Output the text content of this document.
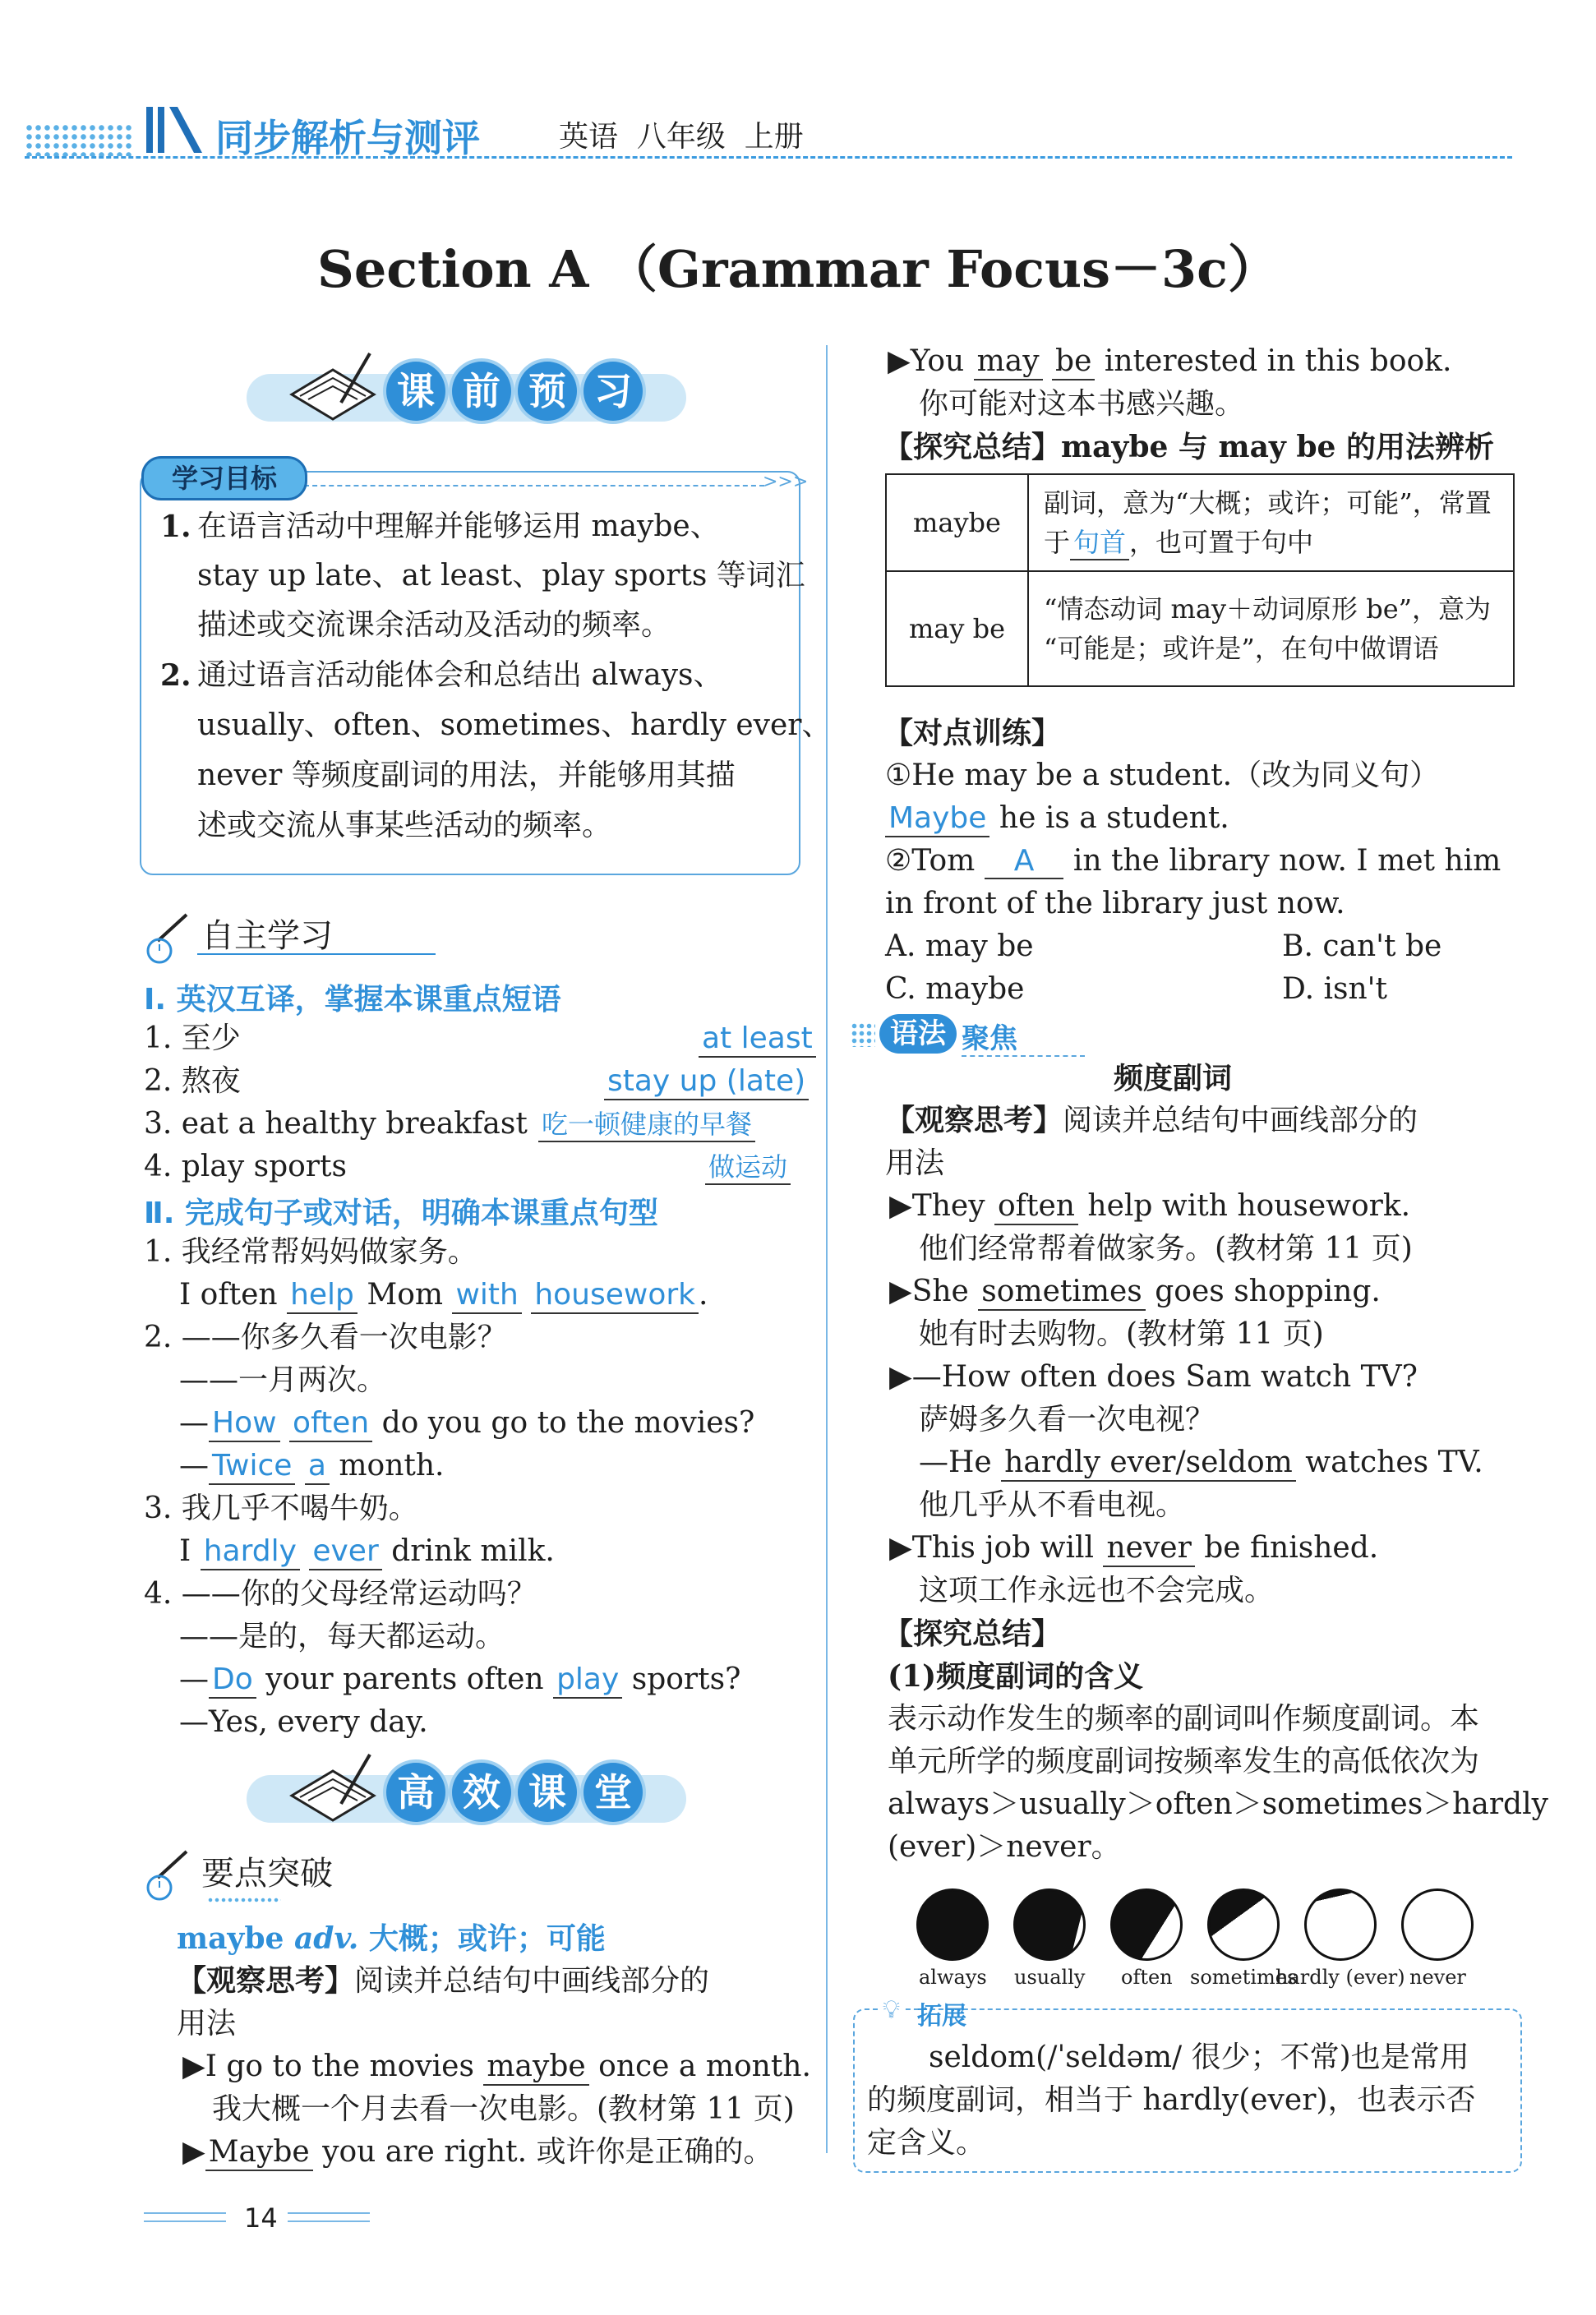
同步解析与测评	英语  八年级  上册
Section A （Grammar Focus－3c）
课 前 预 习
>>>
学习目标
1. 在语言活动中理解并能够运用 maybe、
stay up late、at least、play sports 等词汇
描述或交流课余活动及活动的频率。
2. 通过语言活动能体会和总结出 always、
usually、often、sometimes、hardly ever、
never 等频度副词的用法，并能够用其描
述或交流从事某些活动的频率。
自主学习
Ⅰ. 英汉互译，掌握本课重点短语
1. 至少	at least
2. 熬夜	stay up (late)
3. eat a healthy breakfast 吃一顿健康的早餐
4. play sports	做运动
Ⅱ. 完成句子或对话，明确本课重点句型
1. 我经常帮妈妈做家务。
I often help Mom with housework .
2. ——你多久看一次电影？
——一月两次。
— How often do you go to the movies?
— Twice a month.
3. 我几乎不喝牛奶。
I hardly ever drink milk.
4. ——你的父母经常运动吗？
——是的，每天都运动。
— Do your parents often play sports?
—Yes, every day.
高 效 课 堂
要点突破
maybe adv. 大概；或许；可能
【观察思考】阅读并总结句中画线部分的
用法
▶I go to the movies maybe once a month.
我大概一个月去看一次电影。(教材第 11 页)
▶ Maybe you are right. 或许你是正确的。
▶You may be interested in this book.
你可能对这本书感兴趣。
【探究总结】maybe 与 may be 的用法辨析
maybe	副词，意为“大概；或许；可能”，常置
于 句首 ，也可置于句中

may be	“情态动词 may＋动词原形 be”，意为
“可能是；或许是”，在句中做谓语
【对点训练】
①He may be a student.（改为同义句）
Maybe he is a student.
②Tom A in the library now. I met him
in front of the library just now.
A. may be	B. can't be
C. maybe	D. isn't
语法 聚焦
频度副词
【观察思考】阅读并总结句中画线部分的
用法
▶They often help with housework.
他们经常帮着做家务。(教材第 11 页)
▶She sometimes goes shopping.
她有时去购物。(教材第 11 页)
▶—How often does Sam watch TV?
萨姆多久看一次电视？
—He hardly ever/seldom watches TV.
他几乎从不看电视。
▶This job will never be finished.
这项工作永远也不会完成。
【探究总结】
(1)频度副词的含义
表示动作发生的频率的副词叫作频度副词。本
单元所学的频度副词按频率发生的高低依次为
always＞usually＞often＞sometimes＞hardly
(ever)＞never。
always usually often sometimes
hardly (ever) never
💡︎ 拓展
seldom(/ˈseldəm/ 很少；不常)也是常用
的频度副词，相当于 hardly(ever)，也表示否
定含义。
14
